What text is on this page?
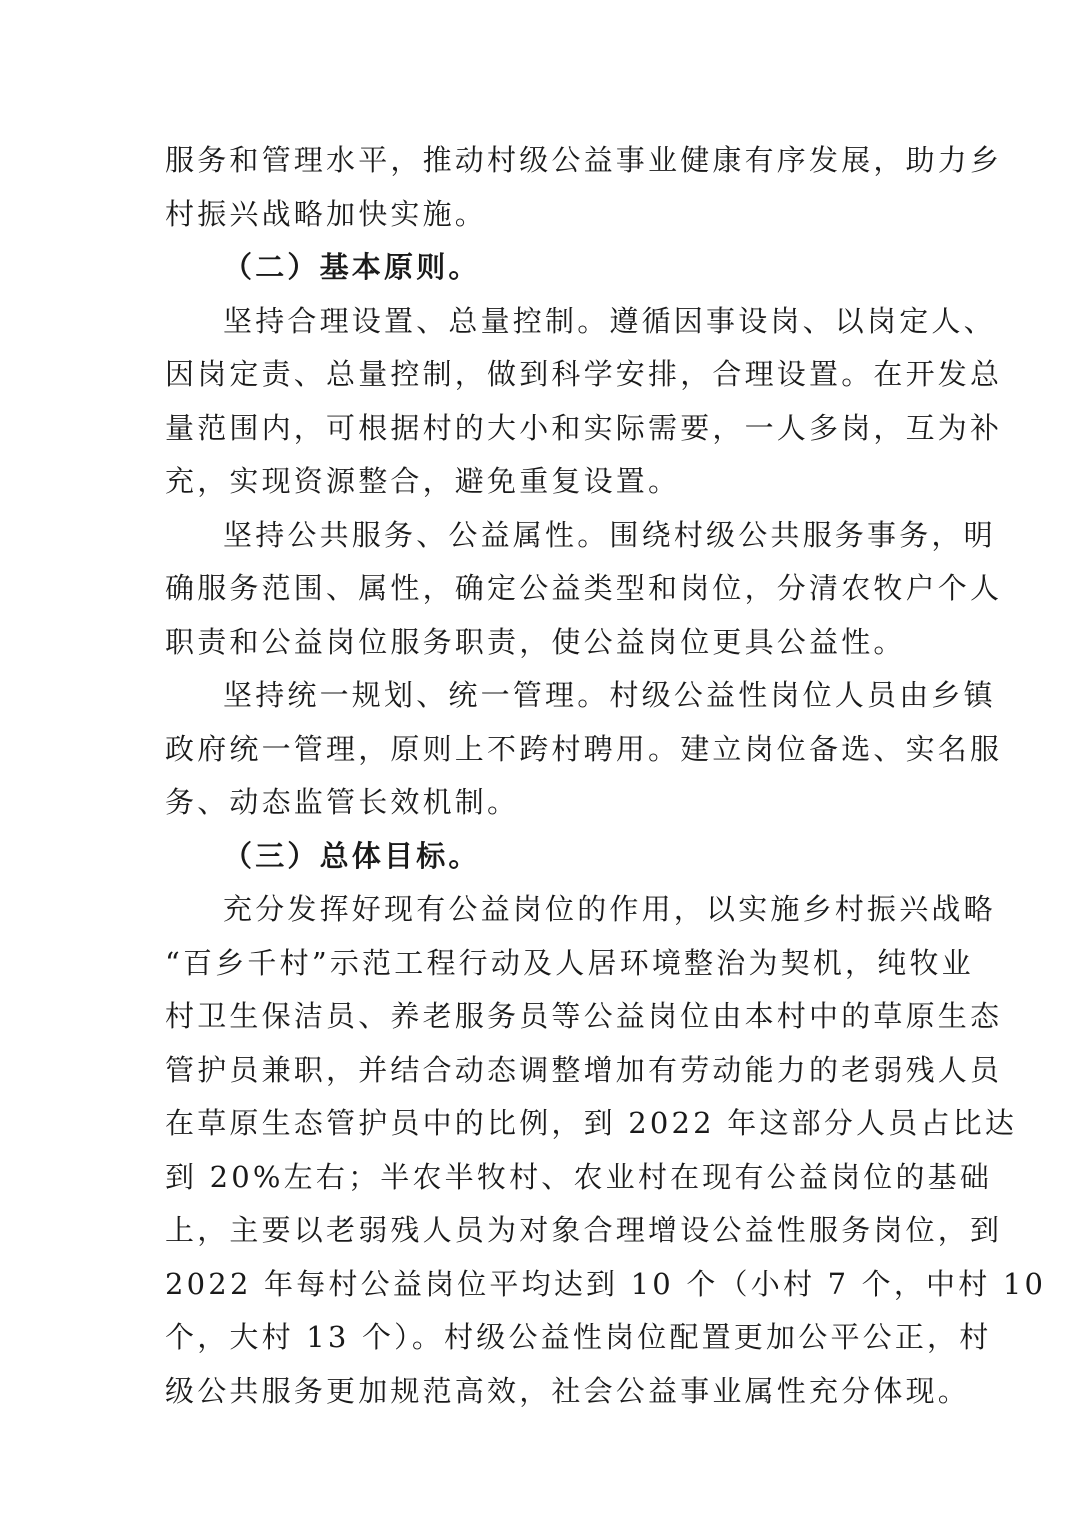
服务和管理水平，推动村级公益事业健康有序发展，助力乡
村振兴战略加快实施。
（二）基本原则。
坚持合理设置、总量控制。遵循因事设岗、以岗定人、
因岗定责、总量控制，做到科学安排，合理设置。在开发总
量范围内，可根据村的大小和实际需要，一人多岗，互为补
充，实现资源整合，避免重复设置。
坚持公共服务、公益属性。围绕村级公共服务事务，明
确服务范围、属性，确定公益类型和岗位，分清农牧户个人
职责和公益岗位服务职责，使公益岗位更具公益性。
坚持统一规划、统一管理。村级公益性岗位人员由乡镇
政府统一管理，原则上不跨村聘用。建立岗位备选、实名服
务、动态监管长效机制。
（三）总体目标。
充分发挥好现有公益岗位的作用，以实施乡村振兴战略
“百乡千村”示范工程行动及人居环境整治为契机，纯牧业
村卫生保洁员、养老服务员等公益岗位由本村中的草原生态
管护员兼职，并结合动态调整增加有劳动能力的老弱残人员
在草原生态管护员中的比例，到 2022 年这部分人员占比达
到 20%左右；半农半牧村、农业村在现有公益岗位的基础
上，主要以老弱残人员为对象合理增设公益性服务岗位，到
2022 年每村公益岗位平均达到 10 个（小村 7 个，中村 10
个，大村 13 个）。村级公益性岗位配置更加公平公正，村
级公共服务更加规范高效，社会公益事业属性充分体现。
